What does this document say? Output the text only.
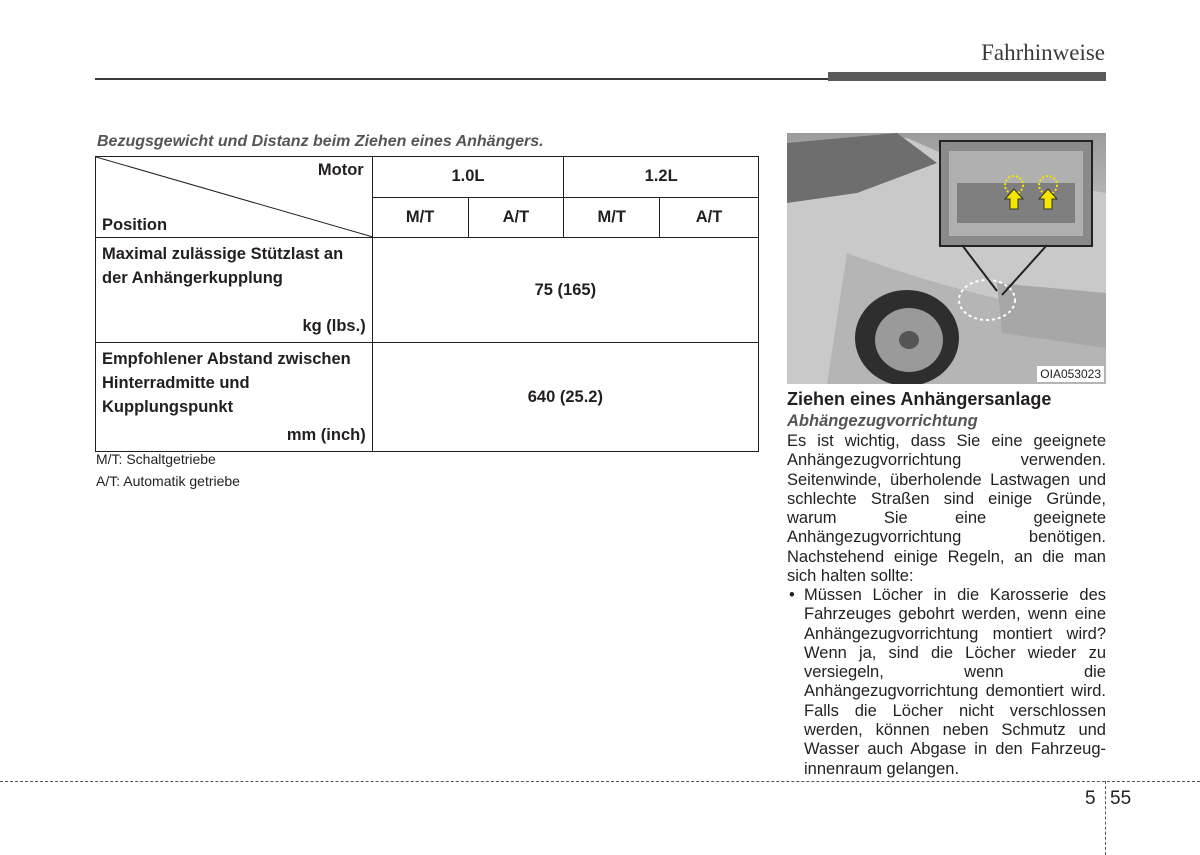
Fahrhinweise
Bezugsgewicht und Distanz beim Ziehen eines Anhängers.
Motor
Position	1.0L		1.2L	
	M/T	A/T	M/T	A/T

Maximal zulässige Stützlast an
der Anhängerkupplung
kg (lbs.)	75 (165)			

Empfohlener Abstand zwischen
Hinterradmitte und
Kupplungspunkt
mm (inch)	640 (25.2)			
M/T: Schaltgetriebe
A/T: Automatik getriebe
OIA053023
Ziehen eines Anhängersanlage
Abhängezugvorrichtung
Es ist wichtig, dass Sie eine geeignete Anhängezugvorrichtung verwenden. Seitenwinde, überholende Lastwagen und schlechte Straßen sind einige Gründe, warum Sie eine geeignete Anhängezugvorrichtung benötigen. Nachstehend einige Regeln, an die man sich halten sollte:
• Müssen Löcher in die Karosserie des Fahrzeuges gebohrt werden, wenn eine Anhängezugvorrichtung montiert wird? Wenn ja, sind die Löcher wieder zu versiegeln, wenn die Anhängezugvorrichtung demontiert wird. Falls die Löcher nicht verschlossen werden, können neben Schmutz und Wasser auch Abgase in den Fahrzeug-innenraum gelangen.
5 55
